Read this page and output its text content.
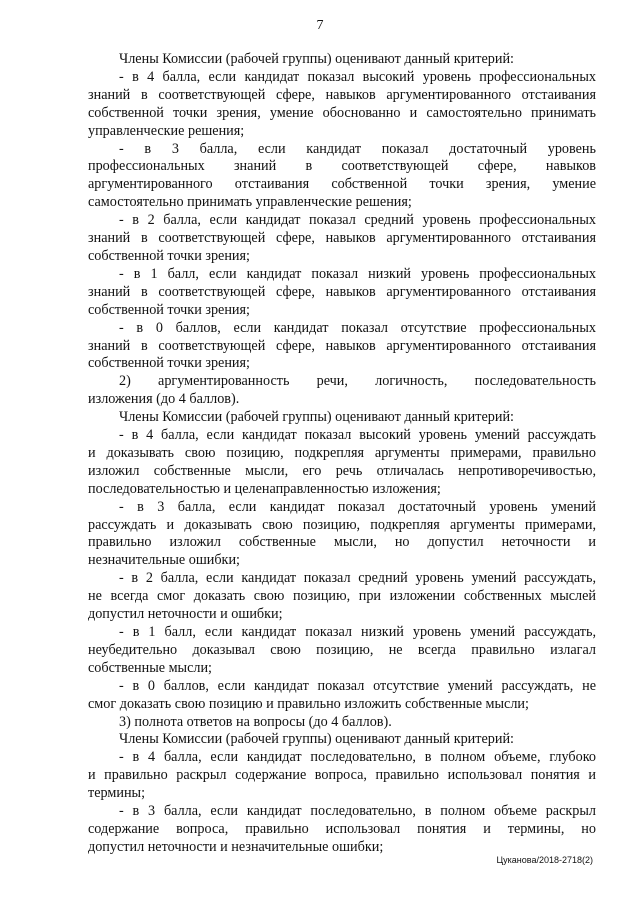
7
Члены Комиссии (рабочей группы) оценивают данный критерий:
- в 4 балла, если кандидат показал высокий уровень профессиональных
знаний в соответствующей сфере, навыков аргументированного отстаивания
собственной точки зрения, умение обоснованно и самостоятельно принимать
управленческие решения;
- в 3 балла, если кандидат показал достаточный уровень
профессиональных знаний в соответствующей сфере, навыков
аргументированного отстаивания собственной точки зрения, умение
самостоятельно принимать управленческие решения;
- в 2 балла, если кандидат показал средний уровень профессиональных
знаний в соответствующей сфере, навыков аргументированного отстаивания
собственной точки зрения;
- в 1 балл, если кандидат показал низкий уровень профессиональных
знаний в соответствующей сфере, навыков аргументированного отстаивания
собственной точки зрения;
- в 0 баллов, если кандидат показал отсутствие профессиональных
знаний в соответствующей сфере, навыков аргументированного отстаивания
собственной точки зрения;
2) аргументированность речи, логичность, последовательность
изложения (до 4 баллов).
Члены Комиссии (рабочей группы) оценивают данный критерий:
- в 4 балла, если кандидат показал высокий уровень умений рассуждать
и доказывать свою позицию, подкрепляя аргументы примерами, правильно
изложил собственные мысли, его речь отличалась непротиворечивостью,
последовательностью и целенаправленностью изложения;
- в 3 балла, если кандидат показал достаточный уровень умений
рассуждать и доказывать свою позицию, подкрепляя аргументы примерами,
правильно изложил собственные мысли, но допустил неточности и
незначительные ошибки;
- в 2 балла, если кандидат показал средний уровень умений рассуждать,
не всегда смог доказать свою позицию, при изложении собственных мыслей
допустил неточности и ошибки;
- в 1 балл, если кандидат показал низкий уровень умений рассуждать,
неубедительно доказывал свою позицию, не всегда правильно излагал
собственные мысли;
- в 0 баллов, если кандидат показал отсутствие умений рассуждать, не
смог доказать свою позицию и правильно изложить собственные мысли;
3) полнота ответов на вопросы (до 4 баллов).
Члены Комиссии (рабочей группы) оценивают данный критерий:
- в 4 балла, если кандидат последовательно, в полном объеме, глубоко
и правильно раскрыл содержание вопроса, правильно использовал понятия и
термины;
- в 3 балла, если кандидат последовательно, в полном объеме раскрыл
содержание вопроса, правильно использовал понятия и термины, но
допустил неточности и незначительные ошибки;
Цуканова/2018-2718(2)
